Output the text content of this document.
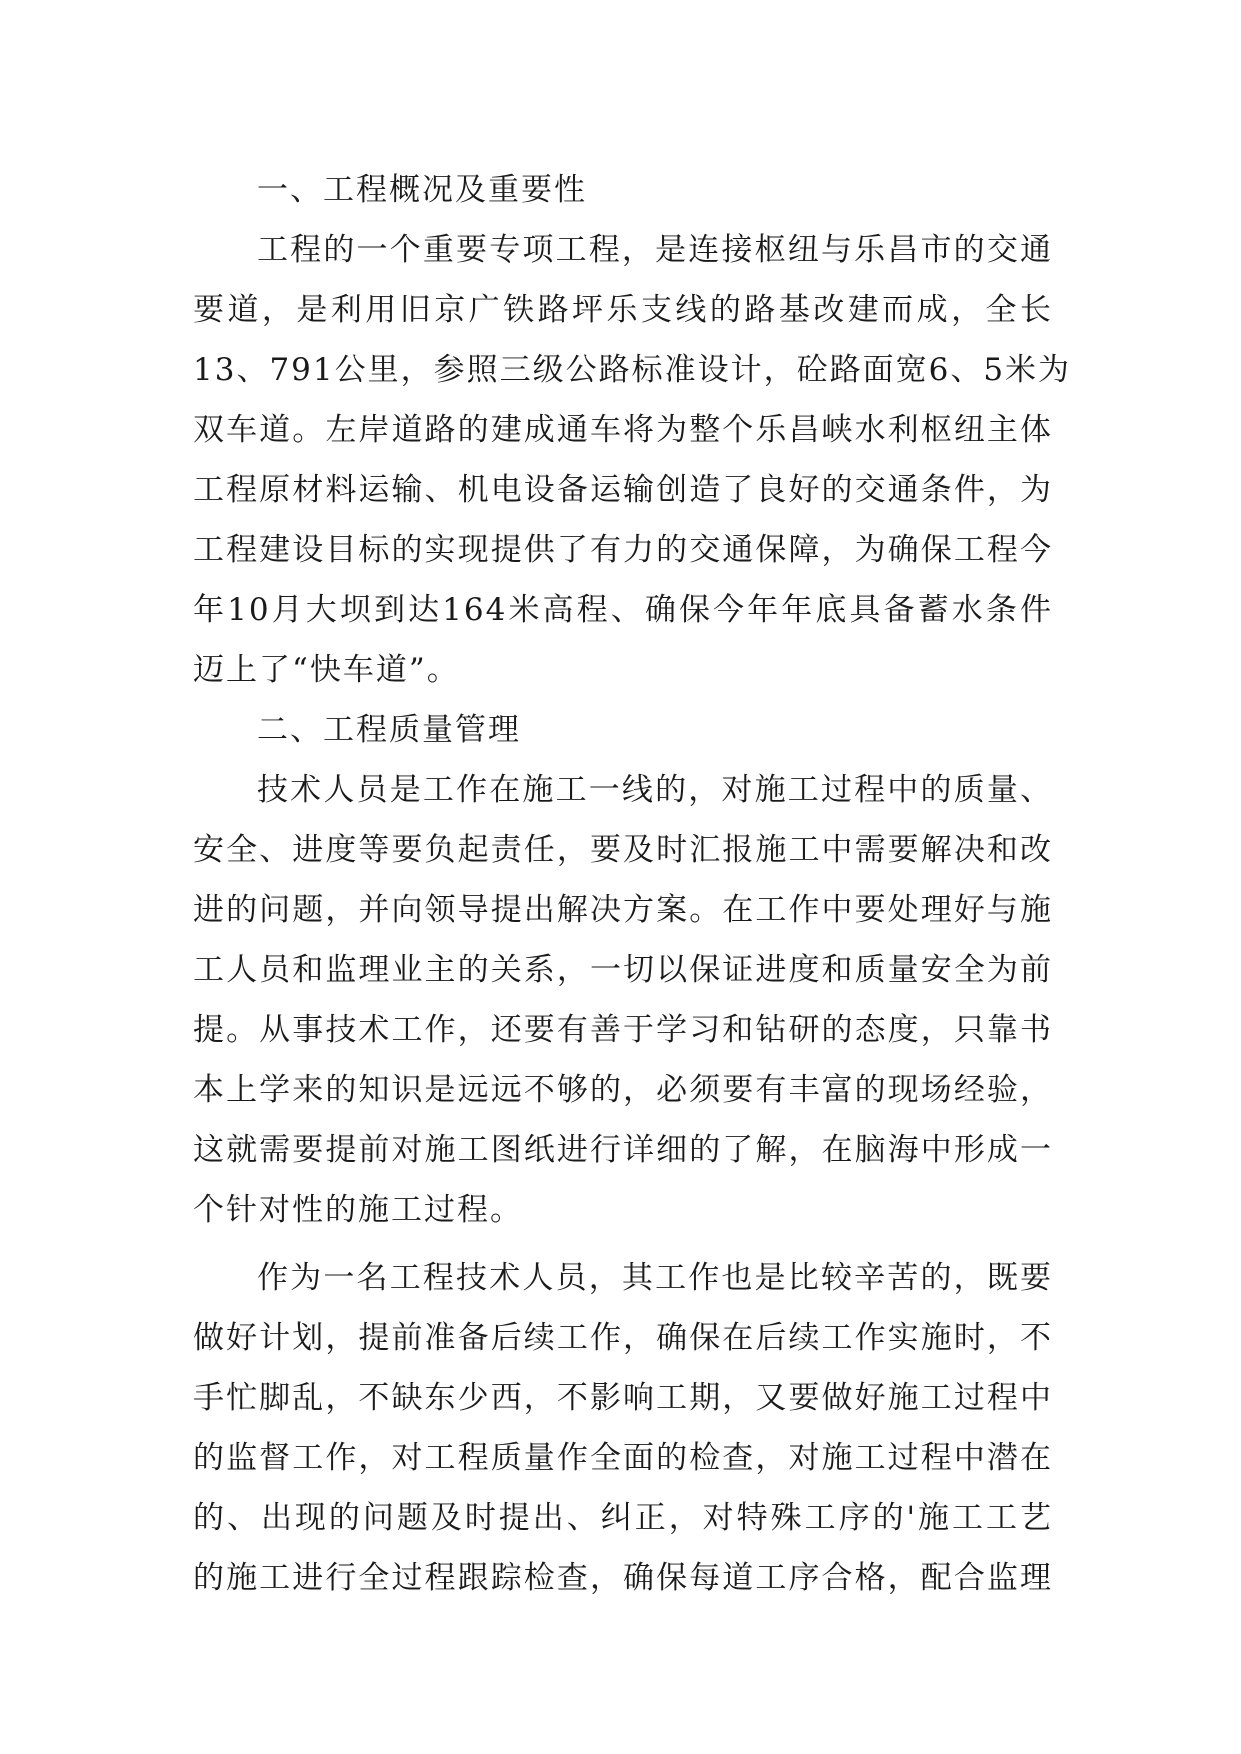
一、工程概况及重要性
工程的一个重要专项工程，是连接枢纽与乐昌市的交通
要道，是利用旧京广铁路坪乐支线的路基改建而成，全长
13、791公里，参照三级公路标准设计，砼路面宽6、5米为
双车道。左岸道路的建成通车将为整个乐昌峡水利枢纽主体
工程原材料运输、机电设备运输创造了良好的交通条件，为
工程建设目标的实现提供了有力的交通保障，为确保工程今
年10月大坝到达164米高程、确保今年年底具备蓄水条件
迈上了“快车道”。
二、工程质量管理
技术人员是工作在施工一线的，对施工过程中的质量、
安全、进度等要负起责任，要及时汇报施工中需要解决和改
进的问题，并向领导提出解决方案。在工作中要处理好与施
工人员和监理业主的关系，一切以保证进度和质量安全为前
提。从事技术工作，还要有善于学习和钻研的态度，只靠书
本上学来的知识是远远不够的，必须要有丰富的现场经验，
这就需要提前对施工图纸进行详细的了解，在脑海中形成一
个针对性的施工过程。
作为一名工程技术人员，其工作也是比较辛苦的，既要
做好计划，提前准备后续工作，确保在后续工作实施时，不
手忙脚乱，不缺东少西，不影响工期，又要做好施工过程中
的监督工作，对工程质量作全面的检查，对施工过程中潜在
的、出现的问题及时提出、纠正，对特殊工序的'施工工艺
的施工进行全过程跟踪检查，确保每道工序合格，配合监理
